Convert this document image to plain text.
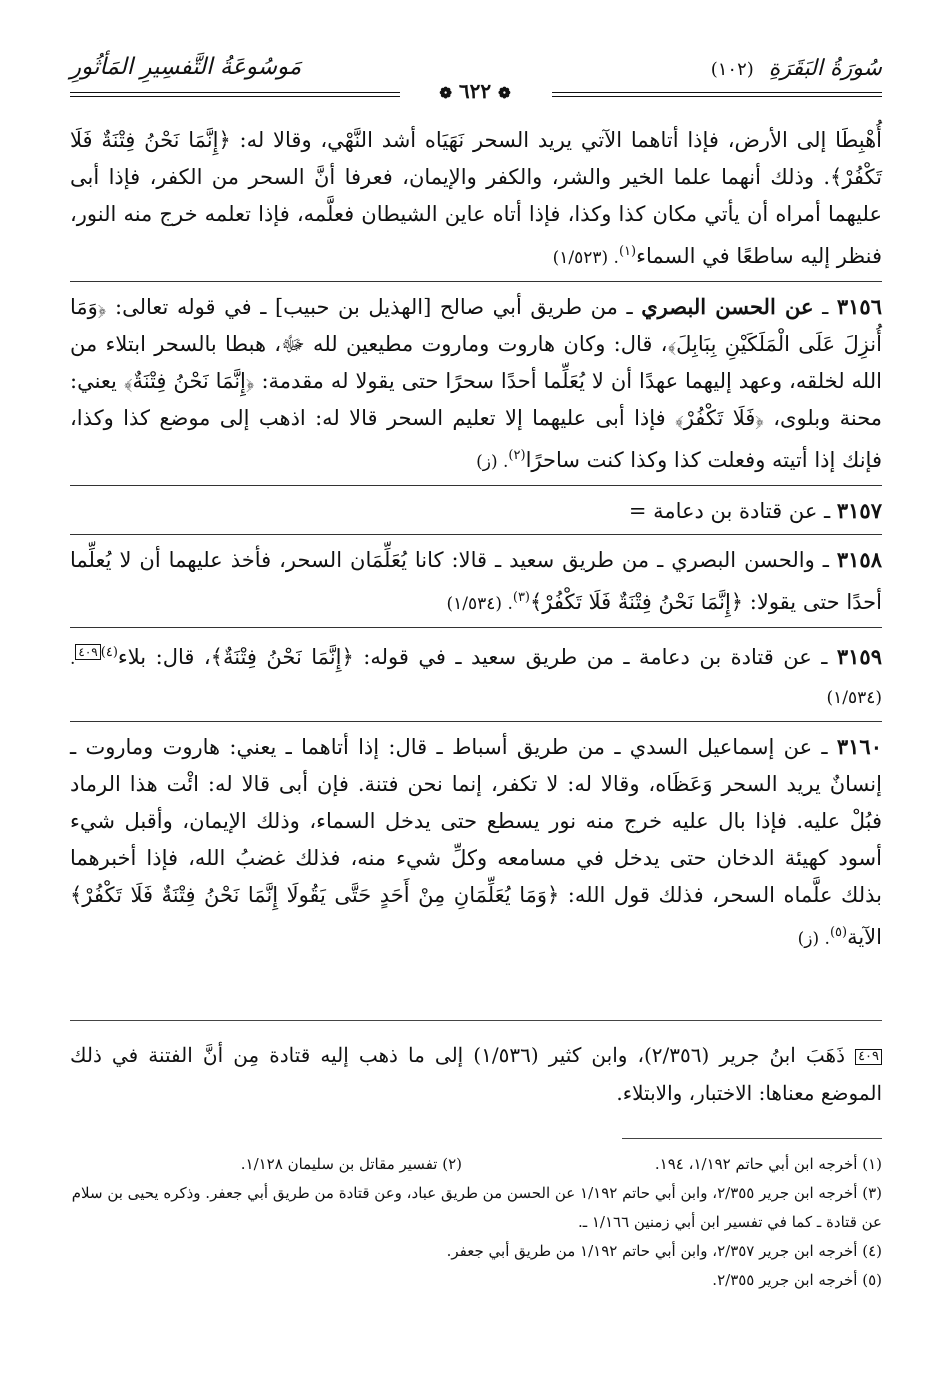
سُورَةُ البَقَرَةِ (١٠٢)
مَوسُوعَةُ التَّفسِيرِ المَأثُورِ
❁ ٦٢٢ ❁

أُهْبِطَا إلى الأرض، فإذا أتاهما الآتي يريد السحر نَهَيَاه أشد النَّهْي، وقالا له: ﴿إِنَّمَا نَحْنُ فِتْنَةٌ فَلَا تَكْفُرْ﴾. وذلك أنهما علما الخير والشر، والكفر والإيمان، فعرفا أنَّ السحر من الكفر، فإذا أبى عليهما أمراه أن يأتي مكان كذا وكذا، فإذا أتاه عاين الشيطان فعلَّمه، فإذا تعلمه خرج منه النور، فنظر إليه ساطعًا في السماء$^{(١)}$. (١/٥٢٣)

٣١٥٦ ـ عن الحسن البصري ـ من طريق أبي صالح [الهذيل بن حبيب] ـ في قوله تعالى: ﴿وَمَا أُنزِلَ عَلَى الْمَلَكَيْنِ بِبَابِلَ﴾، قال: وكان هاروت وماروت مطيعين لله ﷻ، هبطا بالسحر ابتلاء من الله لخلقه، وعهد إليهما عهدًا أن لا يُعَلِّما أحدًا سحرًا حتى يقولا له مقدمة: ﴿إِنَّمَا نَحْنُ فِتْنَةٌ﴾ يعني: محنة وبلوى، ﴿فَلَا تَكْفُرْ﴾ فإذا أبى عليهما إلا تعليم السحر قالا له: اذهب إلى موضع كذا وكذا، فإنك إذا أتيته وفعلت كذا وكذا كنت ساحرًا$^{(٢)}$. (ز)

٣١٥٧ ـ عن قتادة بن دعامة =

٣١٥٨ ـ والحسن البصري ـ من طريق سعيد ـ قالا: كانا يُعَلِّمَان السحر، فأخذ عليهما أن لا يُعلِّما أحدًا حتى يقولا: ﴿إِنَّمَا نَحْنُ فِتْنَةٌ فَلَا تَكْفُرْ﴾$^{(٣)}$. (١/٥٣٤)

٣١٥٩ ـ عن قتادة بن دعامة ـ من طريق سعيد ـ في قوله: ﴿إِنَّمَا نَحْنُ فِتْنَةٌ﴾، قال: بلاء$^{(٤)}$٤٠٩. (١/٥٣٤)

٣١٦٠ ـ عن إسماعيل السدي ـ من طريق أسباط ـ قال: إذا أتاهما ـ يعني: هاروت وماروت ـ إنسانٌ يريد السحر وَعَظَاه، وقالا له: لا تكفر، إنما نحن فتنة. فإن أبى قالا له: ائْت هذا الرماد فبُلْ عليه. فإذا بال عليه خرج منه نور يسطع حتى يدخل السماء، وذلك الإيمان، وأقبل شيء أسود كهيئة الدخان حتى يدخل في مسامعه وكلِّ شيء منه، فذلك غضبُ الله، فإذا أخبرهما بذلك علَّماه السحر، فذلك قول الله: ﴿وَمَا يُعَلِّمَانِ مِنْ أَحَدٍ حَتَّى يَقُولَا إِنَّمَا نَحْنُ فِتْنَةٌ فَلَا تَكْفُرْ﴾ الآية$^{(٥)}$. (ز)

٤٠٩ ذَهَبَ ابنُ جرير (٢/٣٥٦)، وابن كثير (١/٥٣٦) إلى ما ذهب إليه قتادة مِن أنَّ الفتنة في ذلك الموضع معناها: الاختبار، والابتلاء.
(١) أخرجه ابن أبي حاتم ١/١٩٢، ١٩٤.
(٢) تفسير مقاتل بن سليمان ١/١٢٨.
(٣) أخرجه ابن جرير ٢/٣٥٥، وابن أبي حاتم ١/١٩٢ عن الحسن من طريق عباد، وعن قتادة من طريق أبي جعفر. وذكره يحيى بن سلام عن قتادة ـ كما في تفسير ابن أبي زمنين ١/١٦٦ ـ.
(٤) أخرجه ابن جرير ٢/٣٥٧، وابن أبي حاتم ١/١٩٢ من طريق أبي جعفر.
(٥) أخرجه ابن جرير ٢/٣٥٥.
